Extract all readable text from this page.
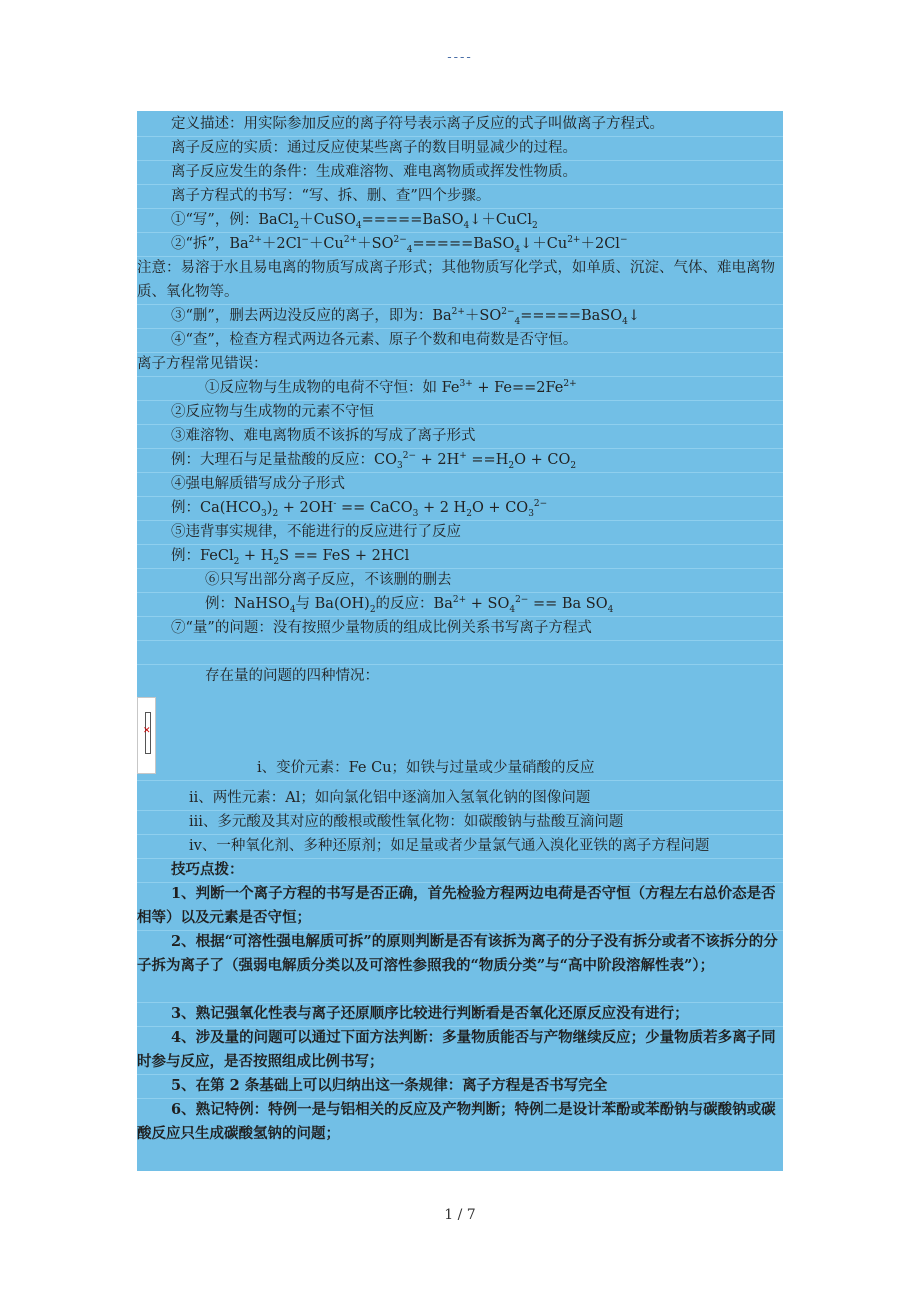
----
定义描述：用实际参加反应的离子符号表示离子反应的式子叫做离子方程式。
离子反应的实质：通过反应使某些离子的数目明显减少的过程。
离子反应发生的条件：生成难溶物、难电离物质或挥发性物质。
离子方程式的书写：“写、拆、删、查”四个步骤。
①“写”，例：BaCl$_2$＋CuSO$_4$=====BaSO$_4$↓＋CuCl$_2$
②“拆”，$Ba^{2+}+2Cl^-+Cu^{2+}+SO^{2-}_4=====BaSO_4↓+Cu^{2+}+2Cl^-$
注意：易溶于水且易电离的物质写成离子形式；其他物质写化学式，如单质、沉淀、气体、难电离物质、氧化物等。
③“删”，删去两边没反应的离子，即为：$Ba^{2+}+SO^{2-}_4=====BaSO_4↓$
④“查”，检查方程式两边各元素、原子个数和电荷数是否守恒。
离子方程常见错误：
①反应物与生成物的电荷不守恒：如 $Fe^{3+} + Fe==2Fe^{2+}$
②反应物与生成物的元素不守恒
③难溶物、难电离物质不该拆的写成了离子形式
例：大理石与足量盐酸的反应：$CO_3^{2-} + 2H^+ ==H_2O + CO_2$
④强电解质错写成分子形式
例：$Ca(HCO_3)_2 + 2OH^-$ == CaCO$_3$ + 2 $H_2O + CO_3^{2-}$
⑤违背事实规律，不能进行的反应进行了反应
例：FeCl$_2$ + $H_2S$ == FeS + 2HCl
⑥只写出部分离子反应，不该删的删去
例：NaHSO$_4$与 $Ba(OH)_2$的反应：$Ba^{2+} + SO_4^{2-} == Ba$ $SO_4$
⑦“量”的问题：没有按照少量物质的组成比例关系书写离子方程式
存在量的问题的四种情况：
ⅰ、变价元素：Fe Cu；如铁与过量或少量硝酸的反应
ⅱ、两性元素：Al；如向氯化铝中逐滴加入氢氧化钠的图像问题
ⅲ、多元酸及其对应的酸根或酸性氧化物：如碳酸钠与盐酸互滴问题
ⅳ、一种氧化剂、多种还原剂；如足量或者少量氯气通入溴化亚铁的离子方程问题
技巧点拨：
1、判断一个离子方程的书写是否正确，首先检验方程两边电荷是否守恒（方程左右总价态是否相等）以及元素是否守恒；
2、根据“可溶性强电解质可拆”的原则判断是否有该拆为离子的分子没有拆分或者不该拆分的分子拆为离子了（强弱电解质分类以及可溶性参照我的“物质分类”与“高中阶段溶解性表”）；
3、熟记强氧化性表与离子还原顺序比较进行判断看是否氧化还原反应没有进行；
4、涉及量的问题可以通过下面方法判断：多量物质能否与产物继续反应；少量物质若多离子同时参与反应，是否按照组成比例书写；
5、在第 2 条基础上可以归纳出这一条规律：离子方程是否书写完全
6、熟记特例：特例一是与铝相关的反应及产物判断；特例二是设计苯酚或苯酚钠与碳酸钠或碳酸反应只生成碳酸氢钠的问题；
✕
1 / 7
